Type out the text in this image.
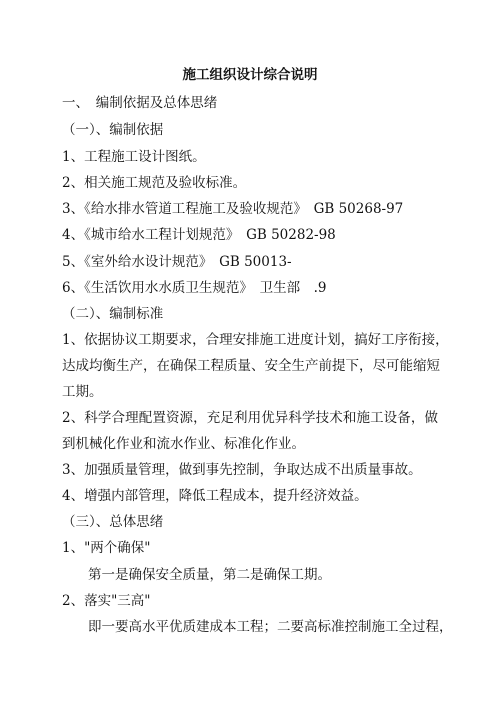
施工组织设计综合说明
一、　编制依据及总体思绪
（一）、编制依据
1、工程施工设计图纸。
2、相关施工规范及验收标准。
3、《给水排水管道工程施工及验收规范》　GB 50268-97
4、《城市给水工程计划规范》　GB 50282-98
5、《室外给水设计规范》　GB 50013-
6、《生活饮用水水质卫生规范》　卫生部　.9
（二）、编制标准
1、依据协议工期要求，合理安排施工进度计划，搞好工序衔接，
达成均衡生产，在确保工程质量、安全生产前提下，尽可能缩短
工期。
2、科学合理配置资源，充足利用优异科学技术和施工设备，做
到机械化作业和流水作业、标准化作业。
3、加强质量管理，做到事先控制，争取达成不出质量事故。
4、增强内部管理，降低工程成本，提升经济效益。
（三）、总体思绪
1、"两个确保"
第一是确保安全质量，第二是确保工期。
2、落实"三高"
即一要高水平优质建成本工程；二要高标准控制施工全过程，
